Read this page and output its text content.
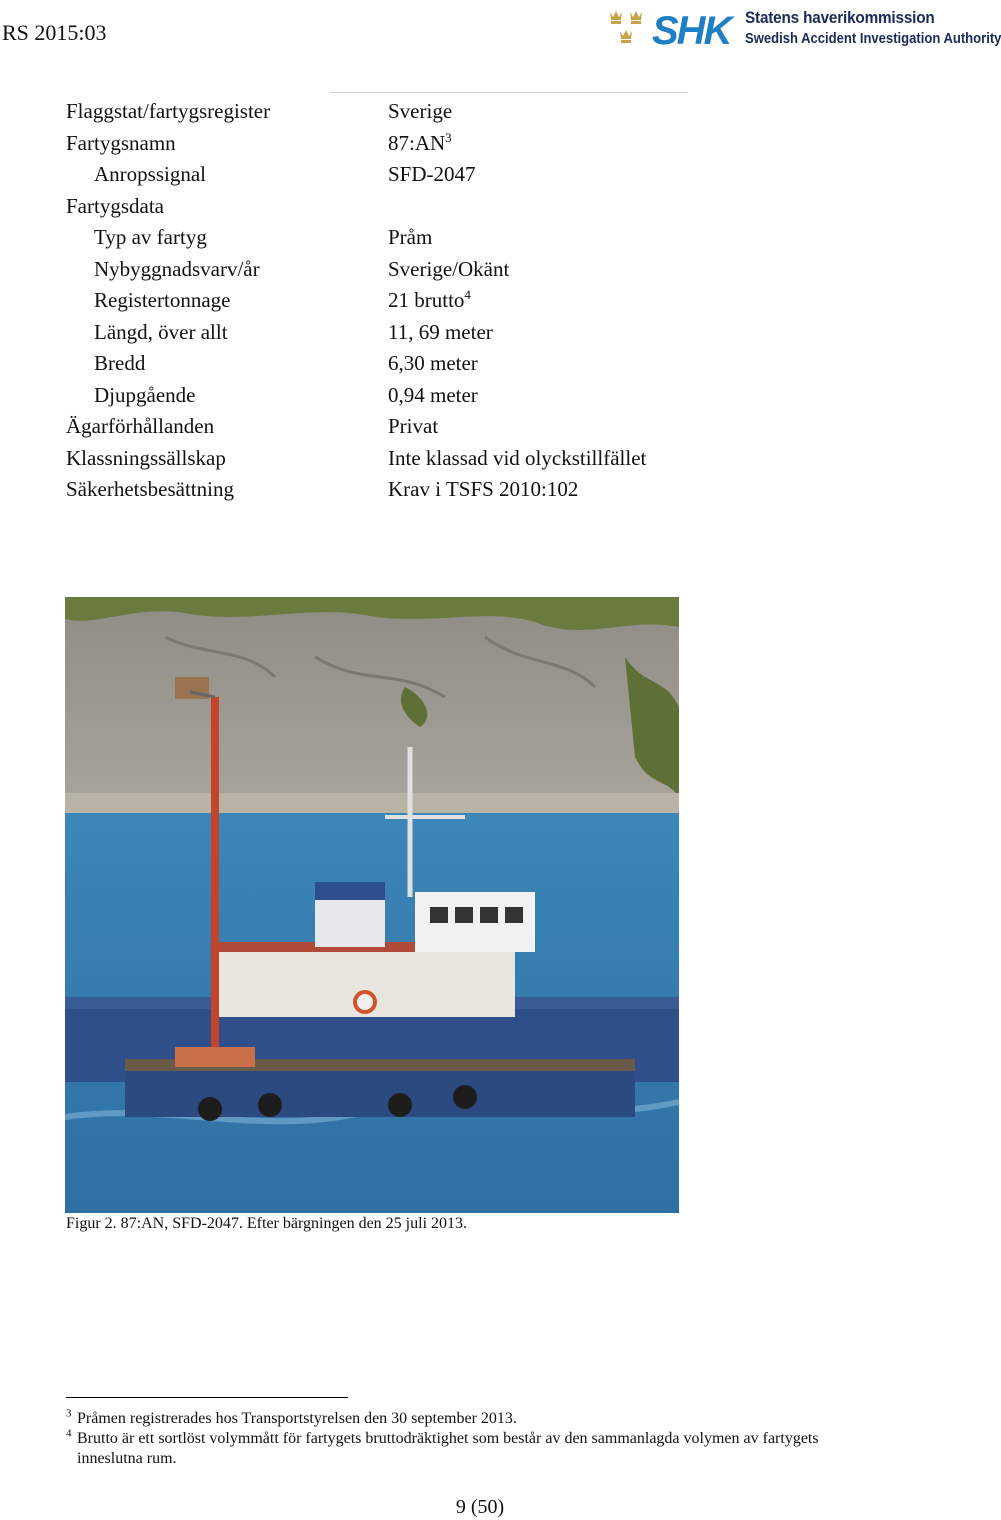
RS 2015:03	SHK Statens haverikommission
Swedish Accident Investigation Authority
Flaggstat/fartygsregister	Sverige
Fartygsnamn	$87:AN^3$
Anropssignal	SFD-2047
Fartygsdata
Typ av fartyg	Pråm
Nybyggnadsvarv/år	Sverige/Okänt
Registertonnage	21 brutto$^4$
Längd, över allt	11, 69 meter
Bredd	6,30 meter
Djupgående	0,94 meter
Ägarförhållanden	Privat
Klassningssällskap	Inte klassad vid olyckstillfället
Säkerhetsbesättning	Krav i TSFS 2010:102
Figur 2. 87:AN, SFD-2047. Efter bärgningen den 25 juli 2013.
$^3$ Pråmen registrerades hos Transportstyrelsen den 30 september 2013.
$^4$ Brutto är ett sortlöst volymmått för fartygets bruttodräktighet som består av den sammanlagda volymen av fartygets inneslutna rum.
9 (50)
